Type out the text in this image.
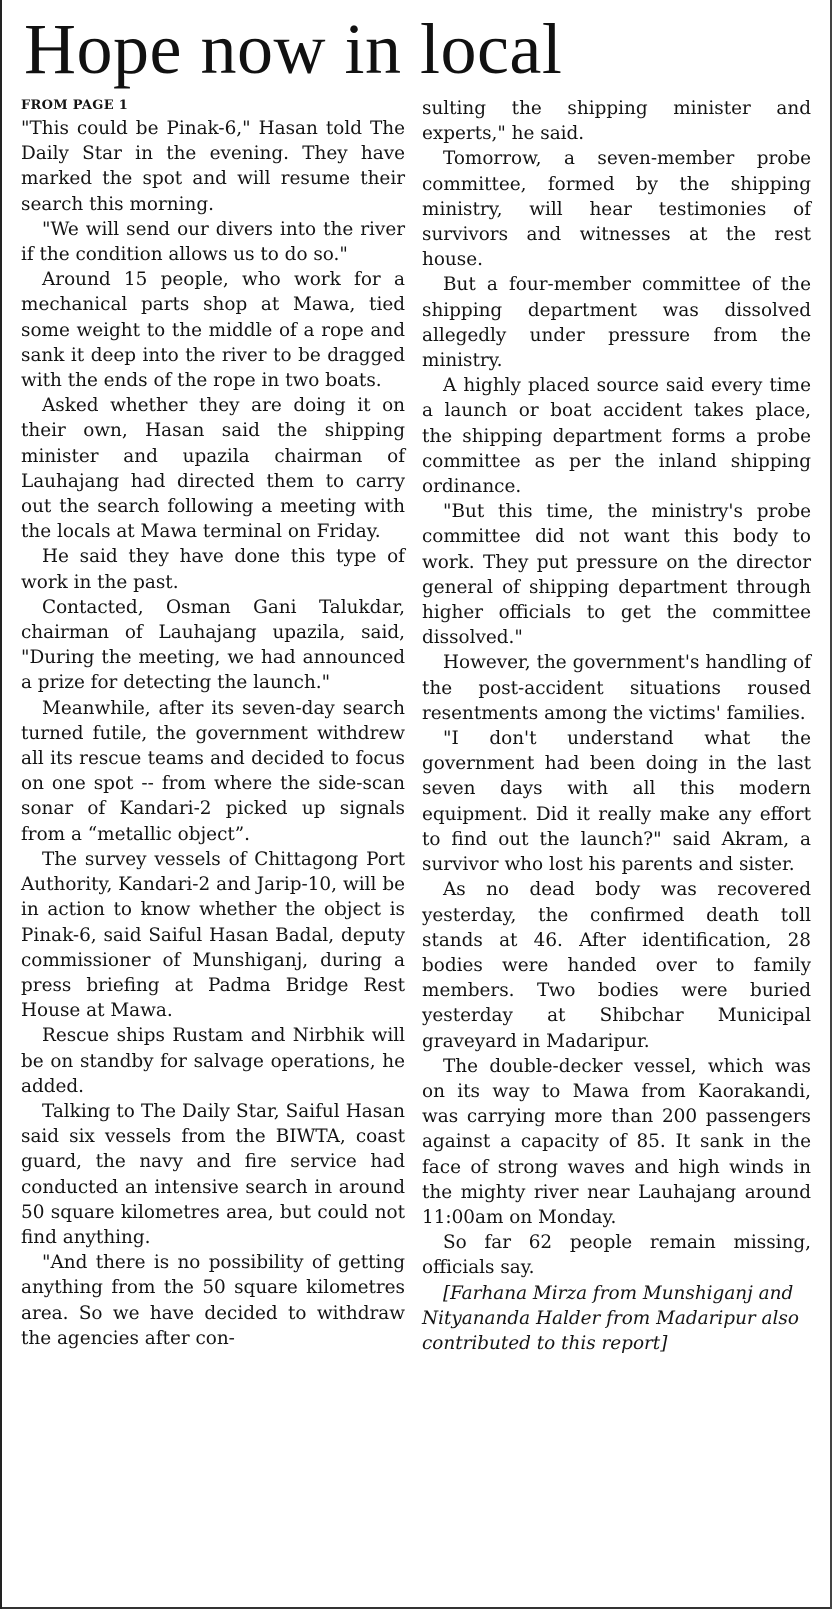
Hope now in local

FROM PAGE 1

"This could be Pinak-6," Hasan told The Daily Star in the evening. They have marked the spot and will resume their search this morning.

"We will send our divers into the river if the condition allows us to do so."

Around 15 people, who work for a mechanical parts shop at Mawa, tied some weight to the middle of a rope and sank it deep into the river to be dragged with the ends of the rope in two boats.

Asked whether they are doing it on their own, Hasan said the shipping minister and upazila chairman of Lauhajang had directed them to carry out the search following a meeting with the locals at Mawa terminal on Friday.

He said they have done this type of work in the past.

Contacted, Osman Gani Talukdar, chairman of Lauhajang upazila, said, "During the meeting, we had announced a prize for detecting the launch."

Meanwhile, after its seven-day search turned futile, the government withdrew all its rescue teams and decided to focus on one spot -- from where the side-scan sonar of Kandari-2 picked up signals from a “metallic object”.

The survey vessels of Chittagong Port Authority, Kandari-2 and Jarip-10, will be in action to know whether the object is Pinak-6, said Saiful Hasan Badal, deputy commissioner of Munshiganj, during a press briefing at Padma Bridge Rest House at Mawa.

Rescue ships Rustam and Nirbhik will be on standby for salvage operations, he added.

Talking to The Daily Star, Saiful Hasan said six vessels from the BIWTA, coast guard, the navy and fire service had conducted an intensive search in around 50 square kilometres area, but could not find anything.

"And there is no possibility of getting anything from the 50 square kilometres area. So we have decided to withdraw the agencies after con-

sulting the shipping minister and experts," he said.

Tomorrow, a seven-member probe committee, formed by the shipping ministry, will hear testimonies of survivors and witnesses at the rest house.

But a four-member committee of the shipping department was dissolved allegedly under pressure from the ministry.

A highly placed source said every time a launch or boat accident takes place, the shipping department forms a probe committee as per the inland shipping ordinance.

"But this time, the ministry's probe committee did not want this body to work. They put pressure on the director general of shipping department through higher officials to get the committee dissolved."

However, the government's handling of the post-accident situations roused resentments among the victims' families.

"I don't understand what the government had been doing in the last seven days with all this modern equipment. Did it really make any effort to find out the launch?" said Akram, a survivor who lost his parents and sister.

As no dead body was recovered yesterday, the confirmed death toll stands at 46. After identification, 28 bodies were handed over to family members. Two bodies were buried yesterday at Shibchar Municipal graveyard in Madaripur.

The double-decker vessel, which was on its way to Mawa from Kaorakandi, was carrying more than 200 passengers against a capacity of 85. It sank in the face of strong waves and high winds in the mighty river near Lauhajang around 11:00am on Monday.

So far 62 people remain missing, officials say.

[Farhana Mirza from Munshiganj and Nityananda Halder from Madaripur also contributed to this report]
